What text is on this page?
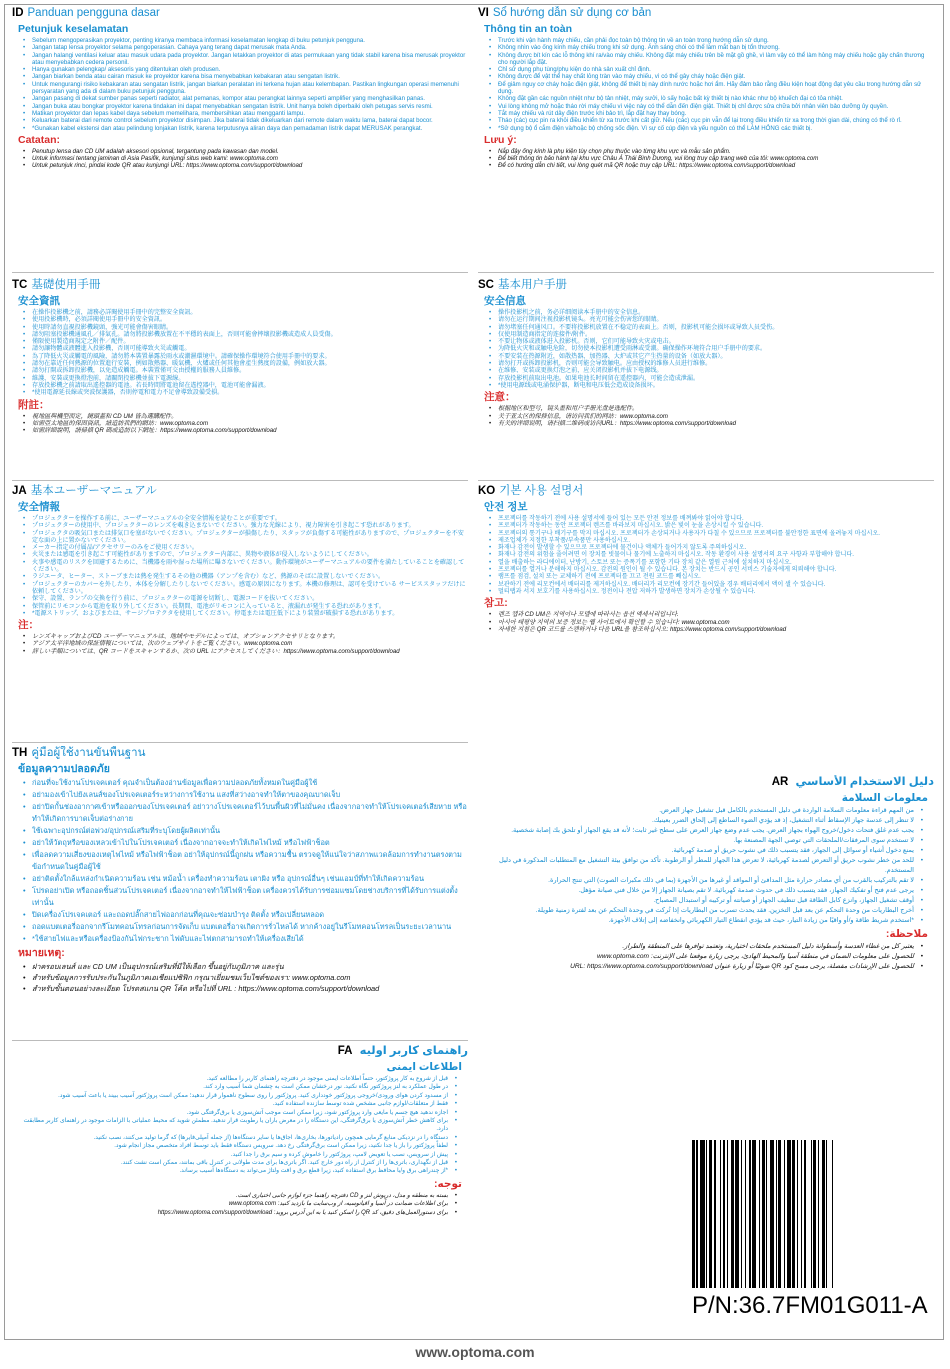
ID Panduan pengguna dasar
Petunjuk keselamatan
• Sebelum mengoperasikan proyektor, penting kiranya membaca informasi keselamatan lengkap di buku petunjuk pengguna.
• Jangan tatap lensa proyektor selama pengoperasian. Cahaya yang terang dapat merusak mata Anda.
• Jangan halangi ventilasi keluar atau masuk udara pada proyektor. Jangan letakkan proyektor di atas permukaan yang tidak stabil karena bisa merusak proyektor atau menyebabkan cedera personil.
• Hanya gunakan pelengkap/ aksesoris yang ditentukan oleh produsen.
• Jangan biarkan benda atau cairan masuk ke proyektor karena bisa menyebabkan kebakaran atau sengatan listrik.
• Untuk mengurangi risiko kebakaran atau sengatan listrik, jangan biarkan peralatan ini terkena hujan atau kelembapan. Pastikan lingkungan operasi memenuhi persyaratan yang ada di dalam buku petunjuk pengguna.
• Jangan pasang di dekat sumber panas seperti radiator, alat pemanas, kompor atau perangkat lainnya seperti amplifier yang menghasilkan panas.
• Jangan buka atau bongkar proyektor karena tindakan ini dapat menyebabkan sengatan listrik. Unit hanya boleh diperbaiki oleh petugas servis resmi.
• Matikan proyektor dan lepas kabel daya sebelum memelihara, membersihkan atau mengganti lampu.
• Keluarkan baterai dari remote control sebelum proyektor disimpan. Jika baterai tidak dikeluarkan dari remote dalam waktu lama, baterai dapat bocor.
• *Gunakan kabel ekstensi dan atau pelindung lonjakan listrik, karena terputusnya aliran daya dan pemadaman listrik dapat MERUSAK perangkat.
Catatan:
• Penutup lensa dan CD UM adalah aksesori opsional, tergantung pada kawasan dan model.
• Untuk informasi tentang jaminan di Asia Pasifik, kunjungi situs web kami: www.optoma.com
• Untuk petunjuk rinci, pindai kode QR atau kunjungi URL: https://www.optoma.com/support/download
VI Sổ hướng dẫn sử dụng cơ bản
Thông tin an toàn
• Trước khi vận hành máy chiếu, cần phải đọc toàn bộ thông tin về an toàn trong hướng dẫn sử dụng.
• Không nhìn vào ống kính máy chiếu trong khi sử dụng. Ánh sáng chói có thể làm mắt bạn bị tổn thương.
• Không được bít kín các lỗ thông khí ra/vào máy chiếu. Không đặt máy chiếu trên bề mặt gồ ghề, vì làm vậy có thể làm hỏng máy chiếu hoặc gây chấn thương cho người lắp đặt.
• Chỉ sử dụng phụ tùng/phụ kiện do nhà sản xuất chỉ định.
• Không được để vật thể hay chất lỏng tràn vào máy chiếu, vì có thể gây cháy hoặc điện giật.
• Để giảm nguy cơ cháy hoặc điện giật, không để thiết bị này dính nước hoặc hơi ẩm. Hãy đảm bảo rằng điều kiện hoạt động đạt yêu cầu trong hướng dẫn sử dụng.
• Không đặt gần các nguồn nhiệt như bộ tản nhiệt, máy sưởi, lò sấy hoặc bất kỳ thiết bị nào khác như bộ khuếch đại có tỏa nhiệt.
• Vui lòng không mở hoặc tháo rời máy chiếu vì việc này có thể dẫn đến điện giật. Thiết bị chỉ được sửa chữa bởi nhân viên bảo dưỡng ủy quyền.
• Tắt máy chiếu và rút dây điện trước khi bảo trì, lắp đặt hay thay bóng.
• Tháo (các) cục pin ra khỏi điều khiển từ xa trước khi cất giữ. Nếu (các) cục pin vẫn để lại trong điều khiển từ xa trong thời gian dài, chúng có thể rò rỉ.
• *Sử dụng bộ ổ cắm điện và/hoặc bộ chống sốc điện. Vì sự cố cúp điện và yếu nguồn có thể LÀM HỎNG các thiết bị.
Lưu ý:
• Nắp đậy ống kính là phụ kiện tùy chọn phụ thuộc vào từng khu vực và mẫu sản phẩm.
• Để biết thông tin bảo hành tại khu vực Châu Á Thái Bình Dương, vui lòng truy cập trang web của tôi: www.optoma.com
• Để có hướng dẫn chi tiết, vui lòng quét mã QR hoặc truy cập URL: https://www.optoma.com/support/download
TC 基礎使用手冊
安全資訊
• 在操作投影機之前，請務必詳閱使用手冊中的完整安全資訊。
• 使用投影機時，必須詳閱使用手冊中的安全資訊。
• 使用時請勿直視投影機鏡頭，強光可能會傷害眼睛。
• 請勿阻塞投影機通風孔／排氣孔。請勿將投影機放置在不平穩的表面上，否則可能會摔壞投影機或造成人員受傷。
• 僅限使用製造商規定之附件／配件。
• 請勿讓物體或液體進入投影機，否則可能導致火災或觸電。
• 為了降低火災或觸電的風險，請勿將本裝置暴露於雨水或潮濕環境中。請確保操作環境符合使用手冊中的要求。
• 請勿在靠近任何熱源的位置進行安裝，例如散熱器、暖氣機、火爐或任何其他會產生熱度的設備，例如放大器。
• 請勿打開或拆卸投影機，以免造成觸電。本裝置僅可交由授權的服務人員維修。
• 維護、安裝或更換燈泡前，請關閉投影機並拔下電源線。
• 存放投影機之前請取出遙控器的電池。若長時間將電池留在遙控器中，電池可能會漏液。
• *使用電源延長線或突波保護器，否則停電和電力不足會導致設備受損。
附註：
• 視地區與機型而定，鏡頭蓋和 CD UM 皆為選購配件。
• 如需亞太地區的保固資訊，請造訪我們的網站：www.optoma.com
• 如需詳細說明，請掃描 QR 碼或造訪以下網址：https://www.optoma.com/support/download
SC 基本用户手册
安全信息
• 操作投影机之前，务必详细阅读本手册中的安全信息。
• 请勿在运行期间注视投影机镜头。亮光可能会伤害您的眼睛。
• 请勿堵塞任何通风口。不要将投影机放置在不稳定的表面上。否则，投影机可能会损坏或导致人员受伤。
• 仅使用制造商指定的连接件/附件。
• 不要让物体或液体进入投影机。否则，它们可能导致火灾或电击。
• 为降低火灾和或触电危险，切勿使本投影机遭受雨淋或受潮。确保操作环境符合用户手册中的要求。
• 不要安装在热源附近，如散热器、加热器、大炉或其它产生热量的设备（如放大器）。
• 请勿打开或拆卸投影机，否则可能会导致触电。应由授权的维修人员进行维修。
• 在维修、安装或更换灯泡之前，应关闭投影机并拔下电源线。
• 存放投影机前取出电池。如果电池长时间留在遥控器内，可能会造成泄漏。
• *使用电源线或电涌保护器，断电和电压低会造成设备损坏。
注意：
• 根据地区和型号，镜头盖和用户手册光盘是选配件。
• 关于亚太区的保修信息，请访问我们的网站：www.optoma.com
• 有关的详细说明，请扫描二维码或访问URL：https://www.optoma.com/support/download
JA 基本ユーザーマニュアル
安全情報
• プロジェクターを操作する前に、ユーザーマニュアルの全安全情報を読むことが重要です。
• プロジェクターの使用中、プロジェクターのレンズを覗き込まないでください。強力な光線により、視力障害を引き起こす恐れがあります。
• プロジェクタの吸気口または排気口を塞がないでください。プロジェクターが損傷したり、スタッフが負傷する可能性がありますので、プロジェクターを不安定な面の上に置かないでください。
• メーカー指定の付属品/アクセサリーのみをご使用ください。
• 火災または感電を引き起こす可能性がありますので、プロジェクター内部に、異物や液体が侵入しないようにしてください。
• 火事や感電のリスクを回避するために、当機器を雨や湿った場所に曝さないでください。動作環境がユーザーマニュアルの要件を満たしていることを確認してください。
• ラジエータ、ヒーター、ストーブまたは熱を発生するその他の機器（アンプを含む）など、熱源のそばに設置しないでください。
• プロジェクターのカバーを外したり、本体を分解したりしないでください。感電の原因になります。本機の修理は、認可を受けている サービススタッフだけに依頼してください。
• 保守、設置、ランプの交換を行う前に、プロジェクターの電源を切断し、電源コードを抜いてください。
• 保管前にリモコンから電池を取り外してください。長期間、電池がリモコンに入っていると、液漏れが発生する恐れがあります。
• *電源ストリップ、およびまたは、サージプロテクタを使用してください。停電または電圧低下により装置が破損する恐れがあります。
注：
• レンズキャップおよびCD ユーザーマニュアルは、地域やモデルによっては、オプションアクセサリとなります。
• アジア太平洋地域の保証情報については、次のウェブサイトをご覧ください。www.optoma.com
• 詳しい手順については、QR コードをスキャンするか、次の URL にアクセスしてください：https://www.optoma.com/support/download
KO 기본 사용 설명서
안전 정보
• 프로젝터를 작동하기 전에 사용 설명서에 들어 있는 모든 안전 정보를 배껴봐야 읽어야 합니다.
• 프로젝터가 작동하는 동안 프로젝터 렌즈를 바라보지 마십시오. 밝은 빛이 눈을 손상시킬 수 있습니다.
• 프로젝터의 통기구나 배기구를 막지 마십시오. 프로젝터가 손상되거나 사용자가 다칠 수 있으므로 프로젝터를 불안정한 표면에 올려놓지 마십시오.
• 제조업체가 지정한 부착품/부속품만 사용하십시오.
• 화재나 감전이 발생할 수 있으므로 프로젝터에 물건이나 액체가 들어가지 않도록 주의하십시오.
• 화재나 감전의 위험을 줄이려면 이 장치를 빗물이나 물기에 노출하지 마십시오. 작동 환경이 사용 설명서의 요구 사항과 부합해야 합니다.
• 열을 배출하는 라디에이터, 난방기, 스토브 또는 증폭기를 포함한 기타 장치 같은 열원 근처에 설치하지 마십시오.
• 프로젝터를 열거나 분해하지 마십시오. 감전의 원인이 될 수 있습니다. 본 장치는 반드시 공인 서비스 기술자에게 의뢰해야 합니다.
• 램프를 점검, 설치 또는 교체하기 전에 프로젝터를 끄고 전원 코드를 빼십시오.
• 보관하기 전에 리모컨에서 배터리를 제거하십시오. 배터리가 리모컨에 장기간 들어있을 경우 배터리에서 액이 샐 수 있습니다.
• 멀티탭과 서지 보호기를 사용하십시오. 정전이나 전압 저하가 발생하면 장치가 손상될 수 있습니다.
참고:
• 렌즈 캡과 CD UM은 지역이나 모델에 따라서는 옵션 액세서리입니다.
• 아시아 태평양 지역의 보증 정보는 웹 사이트에서 확인할 수 있습니다: www.optoma.com
• 자세한 지침은 QR 코드를 스캔하거나 다음 URL을 참조하십시오: https://www.optoma.com/support/download
TH คู่มือผู้ใช้งานขั้นพื้นฐาน
ข้อมูลความปลอดภัย
• ก่อนที่จะใช้งานโปรเจคเตอร์ คุณจำเป็นต้องอ่านข้อมูลเพื่อความปลอดภัยทั้งหมดในคู่มือผู้ใช้
• อย่ามองเข้าไปยังเลนส์ของโปรเจคเตอร์ระหว่างการใช้งาน แสงที่สว่างอาจทำให้ตาของคุณบาดเจ็บ
• อย่าปิดกั้นช่องอากาศเข้าหรือออกของโปรเจคเตอร์ อย่าวางโปรเจคเตอร์ไว้บนพื้นผิวที่ไม่มั่นคง เนื่องจากอาจทำให้โปรเจคเตอร์เสียหาย หรือทำให้เกิดการบาดเจ็บต่อร่างกาย
• ใช้เฉพาะอุปกรณ์ต่อพ่วง/อุปกรณ์เสริมที่ระบุโดยผู้ผลิตเท่านั้น
• อย่าให้วัตถุหรือของเหลวเข้าไปในโปรเจคเตอร์ เนื่องจากอาจจะทำให้เกิดไฟไหม้ หรือไฟฟ้าช็อต
• เพื่อลดความเสี่ยงของเหตุไฟไหม้ หรือไฟฟ้าช็อต อย่าให้อุปกรณ์นี้ถูกฝน หรือความชื้น ตรวจดูให้แน่ใจว่าสภาพแวดล้อมการทำงานตรงตามข้อกำหนดในคู่มือผู้ใช้
• อย่าติดตั้งใกล้แหล่งกำเนิดความร้อน เช่น หม้อน้ำ เครื่องทำความร้อน เตาผิง หรือ อุปกรณ์อื่นๆ เช่นแอมป์ที่ทำให้เกิดความร้อน
• โปรดอย่าเปิด หรือถอดชิ้นส่วนโปรเจคเตอร์ เนื่องจากอาจทำให้ไฟฟ้าช็อต เครื่องควรได้รับการซ่อมแซมโดยช่างบริการที่ได้รับการแต่งตั้งเท่านั้น
• ปิดเครื่องโปรเจคเตอร์ และถอดปลั๊กสายไฟออกก่อนที่คุณจะซ่อมบำรุง ติดตั้ง หรือเปลี่ยนหลอด
• ถอดแบตเตอรี่ออกจากรีโมทคอนโทรลก่อนการจัดเก็บ แบตเตอรี่อาจเกิดการรั่วไหลได้ หากค้างอยู่ในรีโมทคอนโทรลเป็นระยะเวลานาน
• *ใช้สายไฟและหรือเครื่องป้องกันไฟกระชาก ไฟดับและไฟตกสามารถทำให้เครื่องเสียได้
หมายเหตุ:
• ฝาครอบเลนส์ และ CD UM เป็นอุปกรณ์เสริมที่มีให้เลือก ขึ้นอยู่กับภูมิภาค และรุ่น
• สำหรับข้อมูลการรับประกันในภูมิภาคเอเชียแปซิฟิก กรุณาเยี่ยมชมเว็บไซต์ของเรา: www.optoma.com
• สำหรับขั้นตอนอย่างละเอียด โปรดสแกน QR โค้ด หรือไปที่ URL : https://www.optoma.com/support/download
دليل الاستخدام الأساسي AR
معلومات السلامة
• من المهم قراءة معلومات السلامة الواردة في دليل المستخدم بالكامل قبل تشغيل جهاز العرض.
• لا تنظر إلى عدسة جهاز الإسقاط أثناء التشغيل، إذ قد يؤدي الضوء الساطع إلى إلحاق الضرر بعينيك.
• يجب عدم غلق فتحات دخول/خروج الهواء بجهاز العرض. يجب عدم وضع جهاز العرض على سطح غير ثابت؛ لأنه قد يقع الجهاز أو تلحق بك إصابة شخصية.
• لا تستخدم سوى المرفقات/الملحقات التي توصي الجهة المصنعة بها.
• يمنع دخول أشياء أو سوائل إلى الجهاز، فقد يتسبب ذلك في نشوب حريق أو صدمة كهربائية.
• للحد من خطر نشوب حريق أو التعرض لصدمة كهربائية، لا تعرض هذا الجهاز للمطر أو الرطوبة. تأكد من توافق بيئة التشغيل مع المتطلبات المذكورة في دليل المستخدم.
• لا تقم بالتركيب بالقرب من أي مصادر حرارة مثل المدافئ أو المواقد أو غيرها من الأجهزة (بما في ذلك مكبرات الصوت) التي تنتج الحرارة.
• يرجى عدم فتح أو تفكيك الجهاز، فقد يتسبب ذلك في حدوث صدمة كهربائية. لا تقم بصيانة الجهاز إلا من خلال فني صيانة مؤهل.
• أوقف تشغيل الجهاز، وانزع كابل الطاقة قبل تنظيف الجهاز أو صيانته أو تركيبه أو استبدال المصباح.
• أخرج البطاريات من وحدة التحكم عن بعد قبل التخزين. فقد يحدث تسرب من البطاريات إذا تُركت في وحدة التحكم عن بعد لفترة زمنية طويلة.
• *استخدم شريط طاقة و/أو واقيًا من زيادة التيار، حيث قد يؤدي انقطاع التيار الكهربائي وانخفاضه إلى إتلاف الأجهزة.
ملاحظة:
• يعتبر كل من غطاء العدسة وأسطوانة دليل المستخدم ملحقات اختيارية، وتعتمد توافرها على المنطقة والطراز.
• للحصول على معلومات الضمان في منطقة آسيا والمحيط الهادئ، يرجى زيارة موقعنا على الإنترنت: www.optoma.com
• للحصول على الإرشادات مفصلة، يرجى مسح كود QR ضوئيًا أو زيارة عنوان URL: https://www.optoma.com/support/download
راهنمای کاربر اولیه FA
اطلاعات ایمنی
• قبل از شروع به کار پروژکتور، حتماً اطلاعات ایمنی موجود در دفترچه راهنمای کاربر را مطالعه کنید.
• در طول عملکرد به لنز پروژکتور نگاه نکنید. نور درخشان ممکن است به چشمان شما آسیب وارد کند.
• از مسدود کردن هوای ورودی/خروجی پروژکتور خودداری کنید. پروژکتور را روی سطوح ناهموار قرار ندهید؛ ممکن است پروژکتور آسیب ببیند یا باعث آسیب شود.
• فقط از متعلقات/لوازم جانبی مشخص شده توسط سازنده استفاده کنید.
• اجازه ندهید هیچ جسم یا مایعی وارد پروژکتور شود، زیرا ممکن است موجب آتش‌سوزی یا برق‌گرفتگی شود.
• برای کاهش خطر آتش‌سوزی یا برق‌گرفتگی، این دستگاه را در معرض باران یا رطوبت قرار ندهید. مطمئن شوید که محیط عملیاتی با الزامات موجود در راهنمای کاربر مطابقت دارد.
• دستگاه را در نزدیکی منابع گرمایی همچون رادیاتورها، بخاری‌ها، اجاق‌ها یا سایر دستگاه‌ها (از جمله آمپلی‌فایرها) که گرما تولید می‌کنند، نصب نکنید.
• لطفاً پروژکتور را باز یا جدا نکنید، زیرا ممکن است برق‌گرفتگی رخ دهد. سرویس دستگاه فقط باید توسط افراد متخصص مجاز انجام شود.
• پیش از سرویس، نصب یا تعویض لامپ، پروژکتور را خاموش کرده و سیم برق را جدا کنید.
• قبل از نگهداری، باتری‌ها را از کنترل از راه دور خارج کنید. اگر باتری‌ها برای مدت طولانی در کنترل باقی بمانند، ممکن است نشت کنند.
• *از چندراهی برق و/یا محافظ برق استفاده کنید، زیرا قطع برق و افت ولتاژ می‌تواند به دستگاه‌ها آسیب برساند.
توجه:
• بسته به منطقه و مدل، درپوش لنز و CD دفترچه راهنما جزء لوازم جانبی اختیاری است.
• برای اطلاعات ضمانت در آسیا و اقیانوسیه، از وب‌سایت ما بازدید کنید: www.optoma.com
• برای دستورالعمل‌های دقیق، کد QR را اسکن کنید یا به این آدرس بروید: https://www.optoma.com/support/download
P/N:36.7FM01G011-A
www.optoma.com
